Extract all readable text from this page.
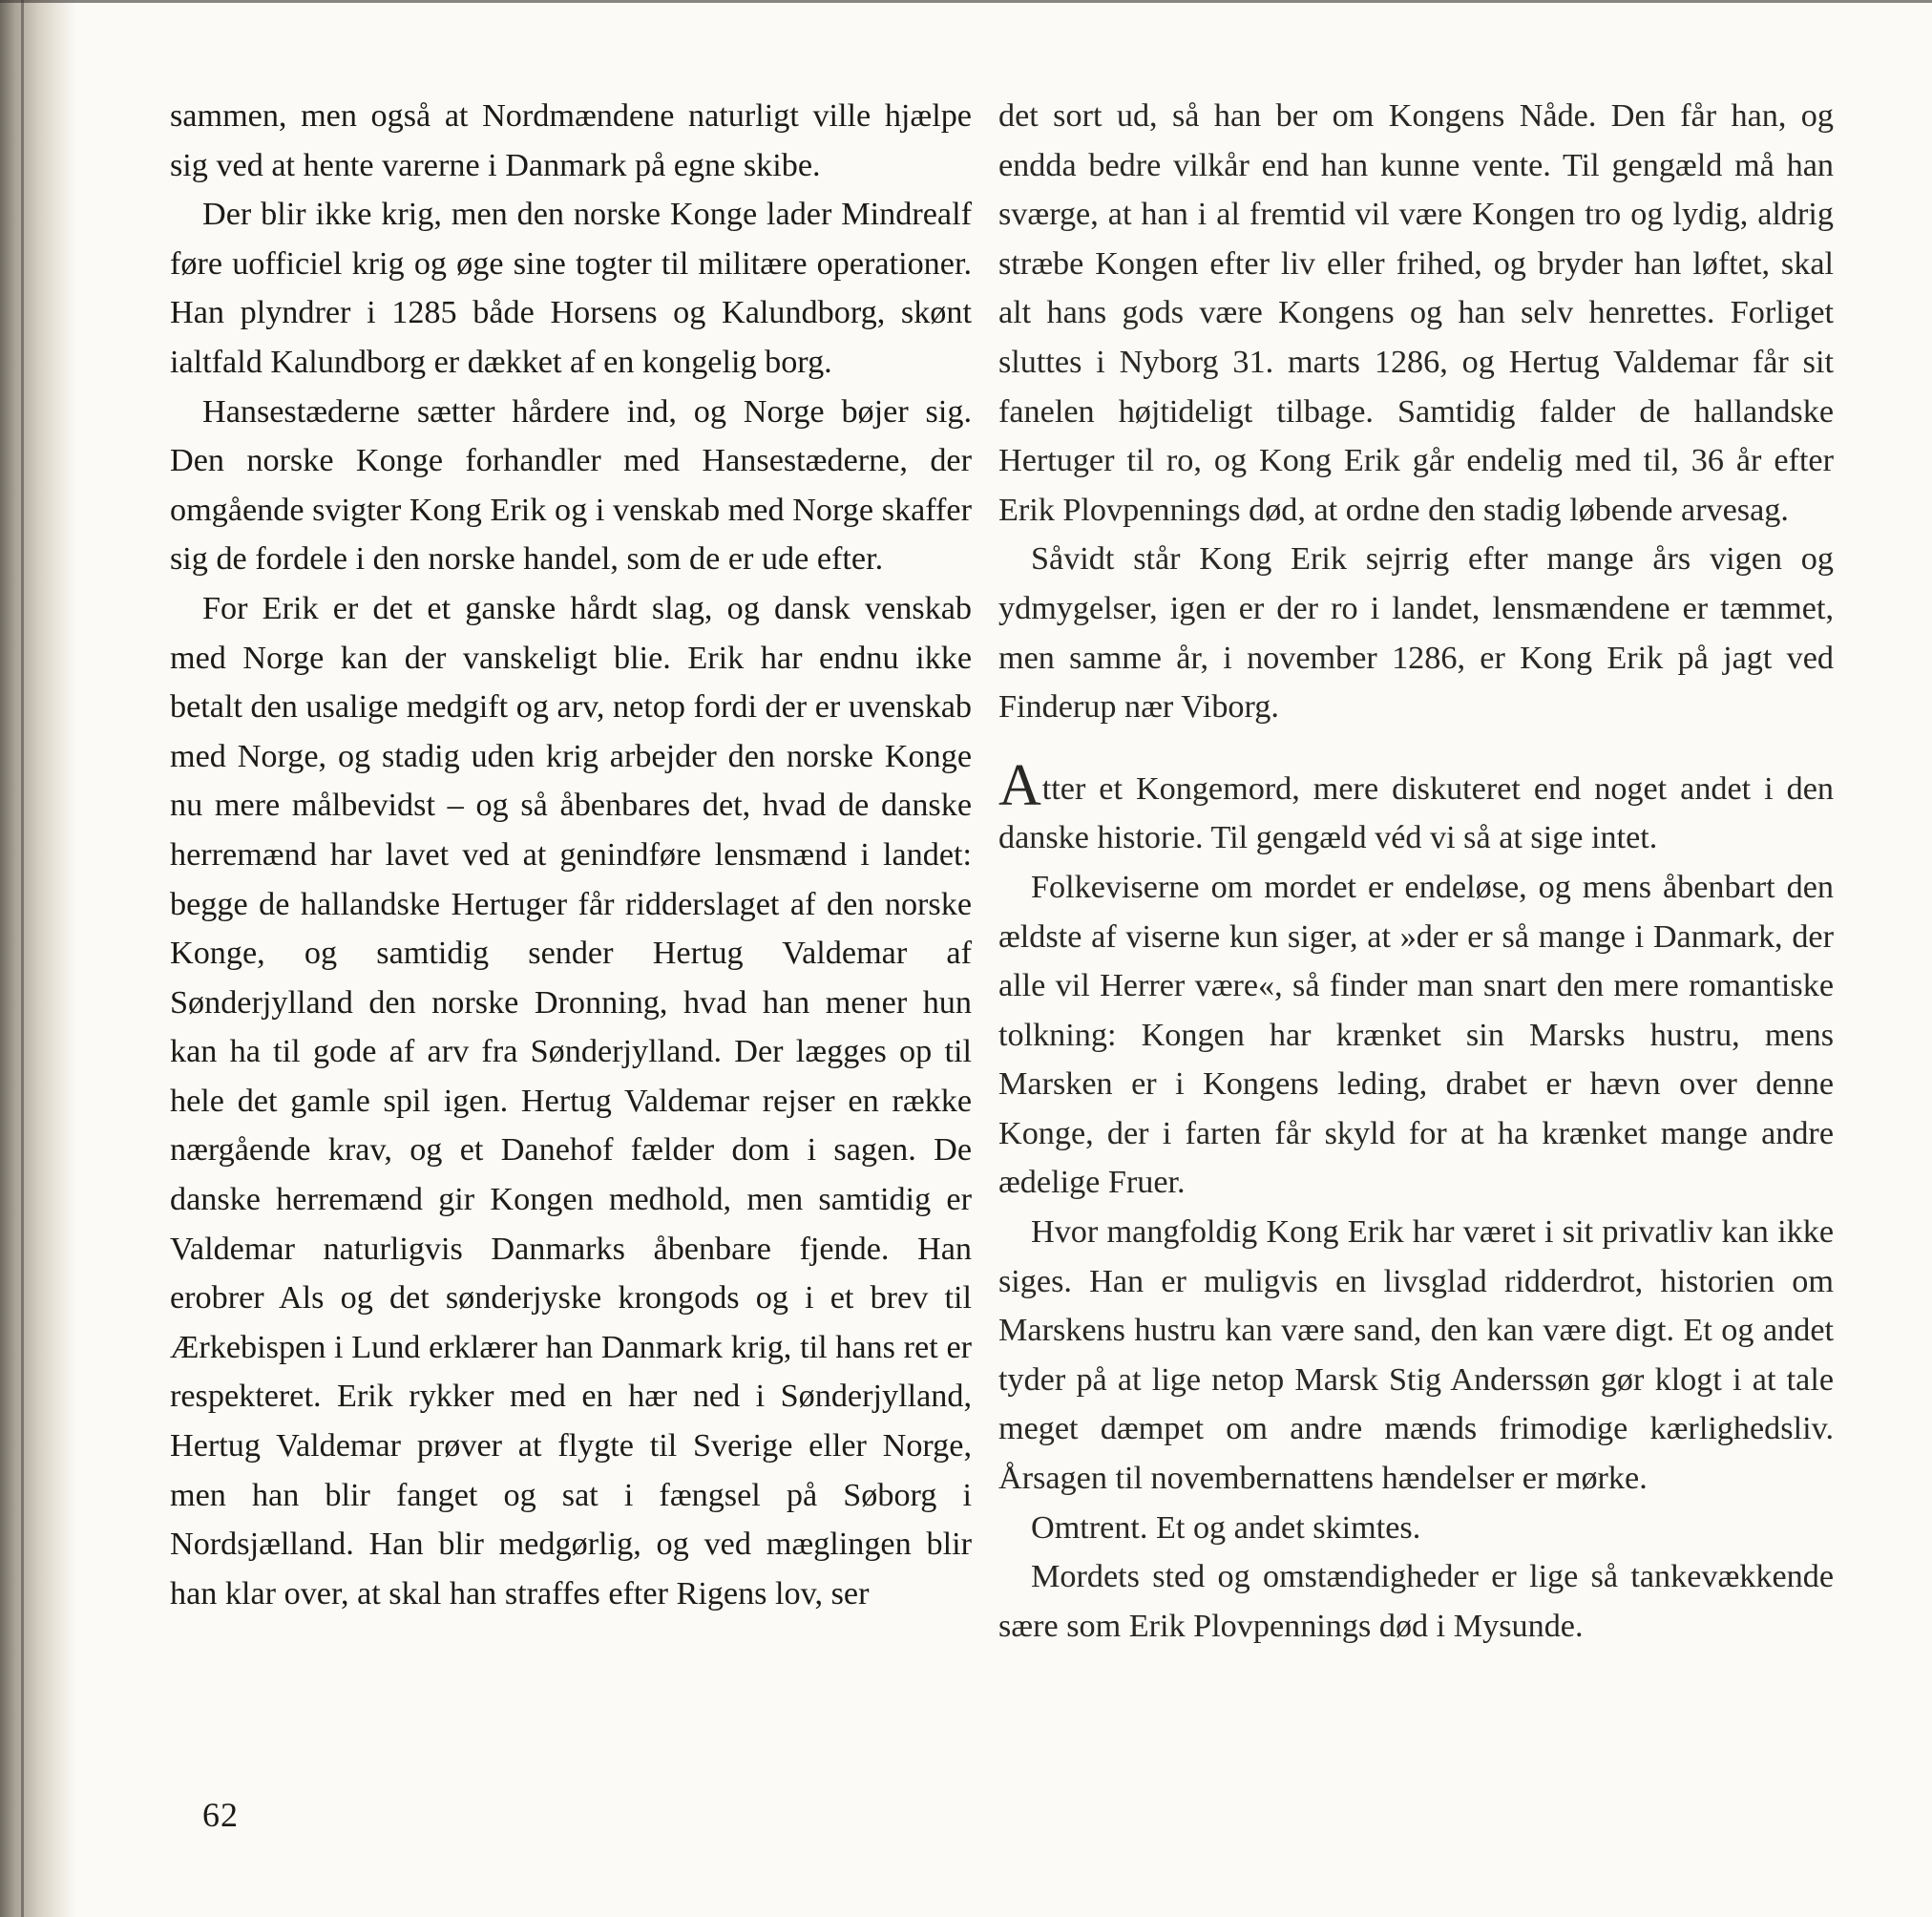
sammen, men også at Nordmændene naturligt ville hjælpe sig ved at hente varerne i Danmark på egne skibe.

Der blir ikke krig, men den norske Konge lader Mindrealf føre uofficiel krig og øge sine togter til militære operationer. Han plyndrer i 1285 både Horsens og Kalundborg, skønt ialtfald Kalundborg er dækket af en kongelig borg.

Hansestæderne sætter hårdere ind, og Norge bøjer sig. Den norske Konge forhandler med Hansestæderne, der omgående svigter Kong Erik og i venskab med Norge skaffer sig de fordele i den norske handel, som de er ude efter.

For Erik er det et ganske hårdt slag, og dansk venskab med Norge kan der vanskeligt blie. Erik har endnu ikke betalt den usalige medgift og arv, netop fordi der er uvenskab med Norge, og stadig uden krig arbejder den norske Konge nu mere målbevidst – og så åbenbares det, hvad de danske herremænd har lavet ved at genindføre lensmænd i landet: begge de hallandske Hertuger får ridderslaget af den norske Konge, og samtidig sender Hertug Valdemar af Sønderjylland den norske Dronning, hvad han mener hun kan ha til gode af arv fra Sønderjylland. Der lægges op til hele det gamle spil igen. Hertug Valdemar rejser en række nærgående krav, og et Danehof fælder dom i sagen. De danske herremænd gir Kongen medhold, men samtidig er Valdemar naturligvis Danmarks åbenbare fjende. Han erobrer Als og det sønderjyske krongods og i et brev til Ærkebispen i Lund erklærer han Danmark krig, til hans ret er respekteret. Erik rykker med en hær ned i Sønderjylland, Hertug Valdemar prøver at flygte til Sverige eller Norge, men han blir fanget og sat i fængsel på Søborg i Nordsjælland. Han blir medgørlig, og ved mæglingen blir han klar over, at skal han straffes efter Rigens lov, ser

det sort ud, så han ber om Kongens Nåde. Den får han, og endda bedre vilkår end han kunne vente. Til gengæld må han sværge, at han i al fremtid vil være Kongen tro og lydig, aldrig stræbe Kongen efter liv eller frihed, og bryder han løftet, skal alt hans gods være Kongens og han selv henrettes. Forliget sluttes i Nyborg 31. marts 1286, og Hertug Valdemar får sit fanelen højtideligt tilbage. Samtidig falder de hallandske Hertuger til ro, og Kong Erik går endelig med til, 36 år efter Erik Plovpennings død, at ordne den stadig løbende arvesag.

Såvidt står Kong Erik sejrrig efter mange års vigen og ydmygelser, igen er der ro i landet, lensmændene er tæmmet, men samme år, i november 1286, er Kong Erik på jagt ved Finderup nær Viborg.

Atter et Kongemord, mere diskuteret end noget andet i den danske historie. Til gengæld véd vi så at sige intet.

Folkeviserne om mordet er endeløse, og mens åbenbart den ældste af viserne kun siger, at »der er så mange i Danmark, der alle vil Herrer være«, så finder man snart den mere romantiske tolkning: Kongen har krænket sin Marsks hustru, mens Marsken er i Kongens leding, drabet er hævn over denne Konge, der i farten får skyld for at ha krænket mange andre ædelige Fruer.

Hvor mangfoldig Kong Erik har været i sit privatliv kan ikke siges. Han er muligvis en livsglad ridderdrot, historien om Marskens hustru kan være sand, den kan være digt. Et og andet tyder på at lige netop Marsk Stig Anderssøn gør klogt i at tale meget dæmpet om andre mænds frimodige kærlighedsliv. Årsagen til novembernattens hændelser er mørke.

Omtrent. Et og andet skimtes.

Mordets sted og omstændigheder er lige så tankevækkende sære som Erik Plovpennings død i Mysunde.

62
